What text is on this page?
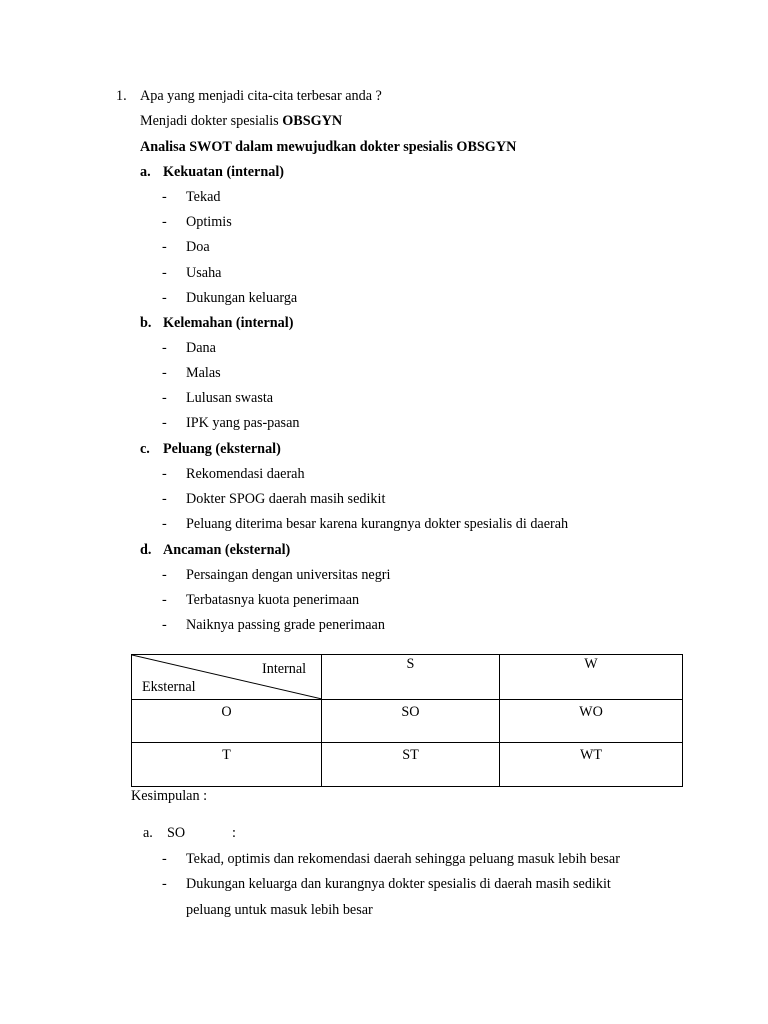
1. Apa yang menjadi cita-cita terbesar anda ?
Menjadi dokter spesialis OBSGYN
Analisa SWOT dalam mewujudkan dokter spesialis OBSGYN
a. Kekuatan (internal)
- Tekad
- Optimis
- Doa
- Usaha
- Dukungan keluarga
b. Kelemahan (internal)
- Dana
- Malas
- Lulusan swasta
- IPK yang pas-pasan
c. Peluang (eksternal)
- Rekomendasi daerah
- Dokter SPOG daerah masih sedikit
- Peluang diterima besar karena kurangnya dokter spesialis di daerah
d. Ancaman (eksternal)
- Persaingan dengan universitas negri
- Terbatasnya kuota penerimaan
- Naiknya passing grade penerimaan
Internal
Eksternal	S	W

O	SO	WO

T	ST	WT
Kesimpulan :
a. SO	:
- Tekad, optimis dan rekomendasi daerah sehingga peluang masuk lebih besar
- Dukungan keluarga dan kurangnya dokter spesialis di daerah masih sedikit
peluang untuk masuk lebih besar
